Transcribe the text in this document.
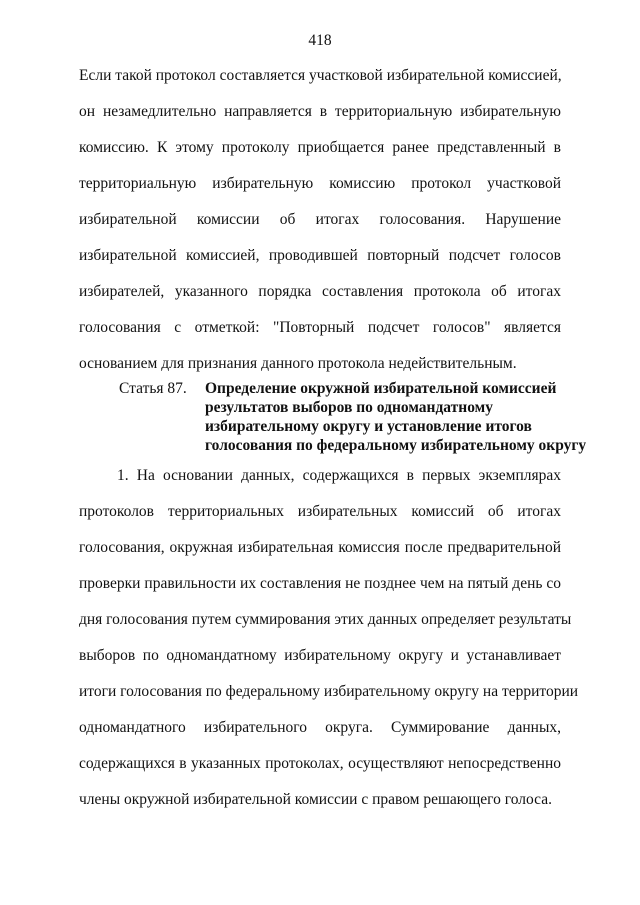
418
Если такой протокол составляется участковой избирательной комиссией,
он незамедлительно направляется в территориальную избирательную
комиссию. К этому протоколу приобщается ранее представленный в
территориальную избирательную комиссию протокол участковой
избирательной комиссии об итогах голосования. Нарушение
избирательной комиссией, проводившей повторный подсчет голосов
избирателей, указанного порядка составления протокола об итогах
голосования с отметкой: "Повторный подсчет голосов" является
основанием для признания данного протокола недействительным.
Статья 87. Определение окружной избирательной комиссией
результатов выборов по одномандатному
избирательному округу и установление итогов
голосования по федеральному избирательному округу
1. На основании данных, содержащихся в первых экземплярах
протоколов территориальных избирательных комиссий об итогах
голосования, окружная избирательная комиссия после предварительной
проверки правильности их составления не позднее чем на пятый день со
дня голосования путем суммирования этих данных определяет результаты
выборов по одномандатному избирательному округу и устанавливает
итоги голосования по федеральному избирательному округу на территории
одномандатного избирательного округа. Суммирование данных,
содержащихся в указанных протоколах, осуществляют непосредственно
члены окружной избирательной комиссии с правом решающего голоса.
